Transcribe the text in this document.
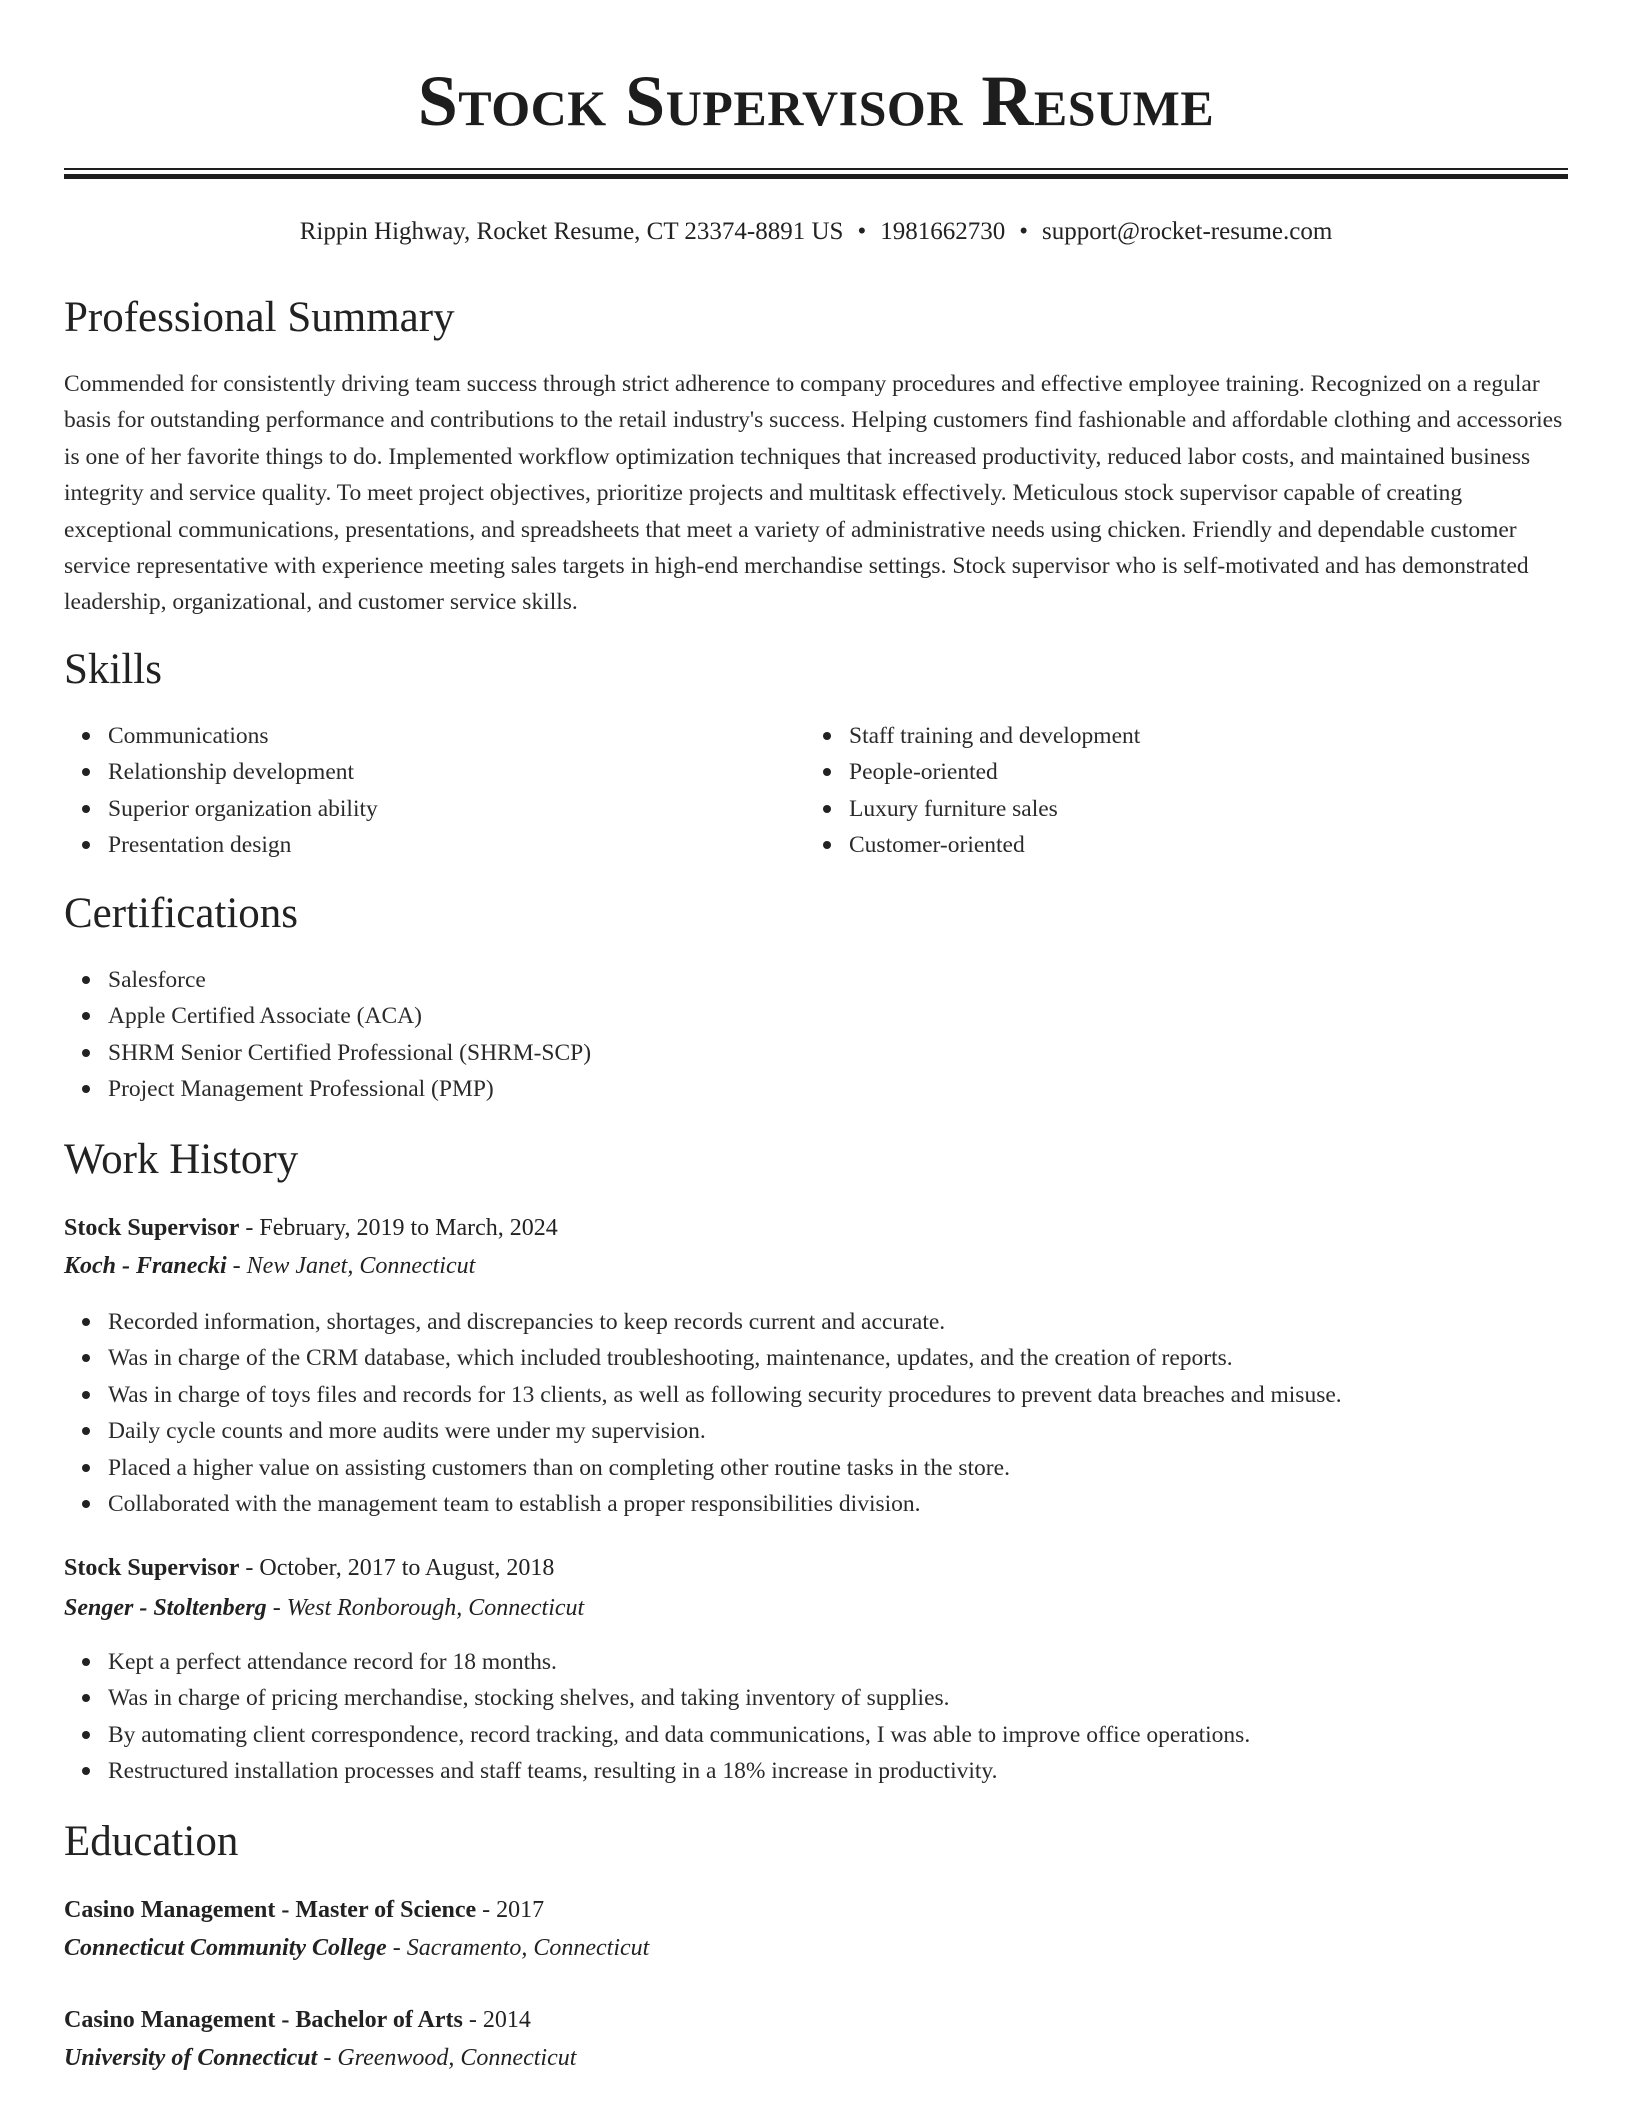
Stock Supervisor Resume
Rippin Highway, Rocket Resume, CT 23374-8891 US • 1981662730 • support@rocket-resume.com
Professional Summary

Commended for consistently driving team success through strict adherence to company procedures and effective employee training. Recognized on a regular basis for outstanding performance and contributions to the retail industry's success. Helping customers find fashionable and affordable clothing and accessories is one of her favorite things to do. Implemented workflow optimization techniques that increased productivity, reduced labor costs, and maintained business integrity and service quality. To meet project objectives, prioritize projects and multitask effectively. Meticulous stock supervisor capable of creating exceptional communications, presentations, and spreadsheets that meet a variety of administrative needs using chicken. Friendly and dependable customer service representative with experience meeting sales targets in high-end merchandise settings. Stock supervisor who is self-motivated and has demonstrated leadership, organizational, and customer service skills.

Skills
Communications
Relationship development
Superior organization ability
Presentation design
Staff training and development
People-oriented
Luxury furniture sales
Customer-oriented
Certifications
Salesforce
Apple Certified Associate (ACA)
SHRM Senior Certified Professional (SHRM-SCP)
Project Management Professional (PMP)
Work History
Stock Supervisor - February, 2019 to March, 2024
Koch - Franecki - New Janet, Connecticut
Recorded information, shortages, and discrepancies to keep records current and accurate.
Was in charge of the CRM database, which included troubleshooting, maintenance, updates, and the creation of reports.
Was in charge of toys files and records for 13 clients, as well as following security procedures to prevent data breaches and misuse.
Daily cycle counts and more audits were under my supervision.
Placed a higher value on assisting customers than on completing other routine tasks in the store.
Collaborated with the management team to establish a proper responsibilities division.
Stock Supervisor - October, 2017 to August, 2018
Senger - Stoltenberg - West Ronborough, Connecticut
Kept a perfect attendance record for 18 months.
Was in charge of pricing merchandise, stocking shelves, and taking inventory of supplies.
By automating client correspondence, record tracking, and data communications, I was able to improve office operations.
Restructured installation processes and staff teams, resulting in a 18% increase in productivity.
Education
Casino Management - Master of Science - 2017
Connecticut Community College - Sacramento, Connecticut
Casino Management - Bachelor of Arts - 2014
University of Connecticut - Greenwood, Connecticut
